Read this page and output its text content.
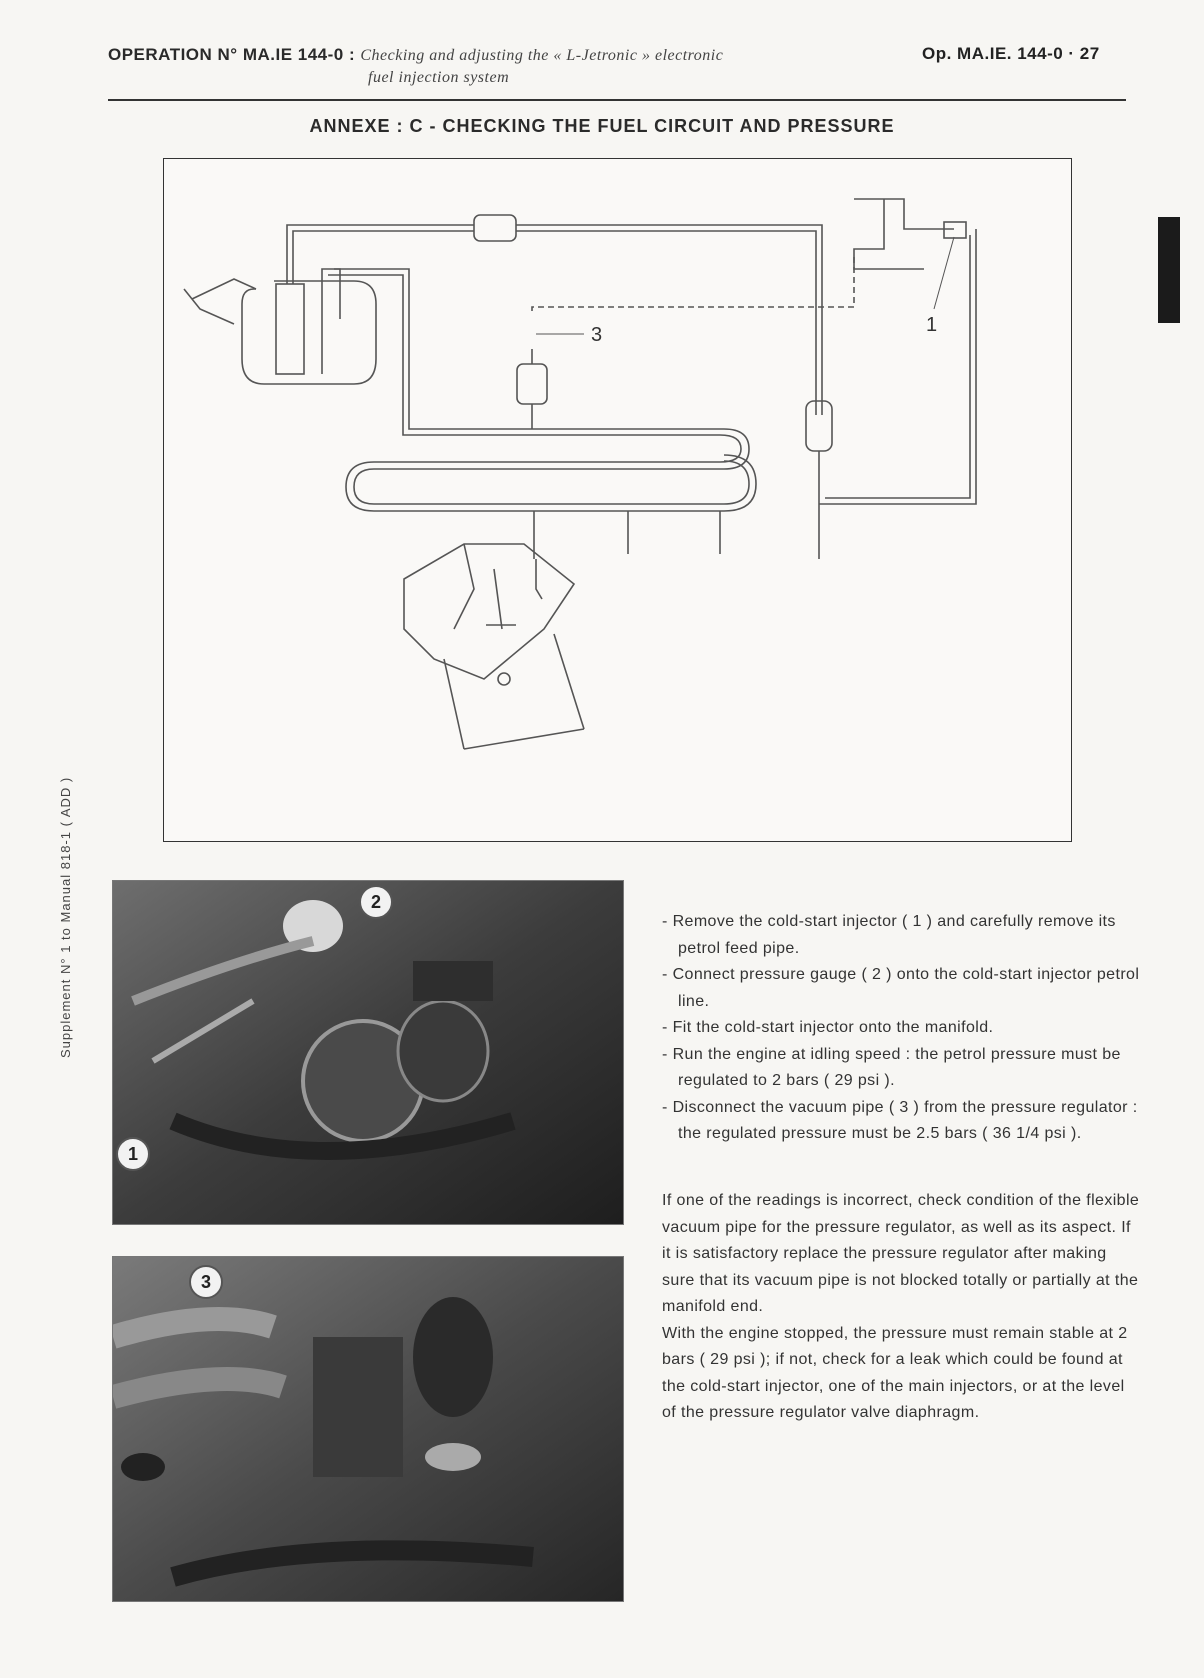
OPERATION N° MA.IE 144-0 : Checking and adjusting the « L-Jetronic » electronic
fuel injection system
Op. MA.IE. 144-0 · 27
ANNEXE : C - CHECKING THE FUEL CIRCUIT AND PRESSURE
Supplement N° 1 to Manual 818-1 ( ADD )
1
3
2
1
3
- Remove the cold-start injector ( 1 ) and carefully remove its petrol feed pipe.
- Connect pressure gauge ( 2 ) onto the cold-start injector petrol line.
- Fit the cold-start injector onto the manifold.
- Run the engine at idling speed : the petrol pressure must be regulated to 2 bars ( 29 psi ).
- Disconnect the vacuum pipe ( 3 ) from the pressure regulator : the regulated pressure must be 2.5 bars ( 36 1/4 psi ).
If one of the readings is incorrect, check condition of the flexible vacuum pipe for the pressure regulator, as well as its aspect. If it is satisfactory replace the pressure regulator after making sure that its vacuum pipe is not blocked totally or partially at the manifold end.
With the engine stopped, the pressure must remain stable at 2 bars ( 29 psi ); if not, check for a leak which could be found at the cold-start injector, one of the main injectors, or at the level of the pressure regulator valve diaphragm.
